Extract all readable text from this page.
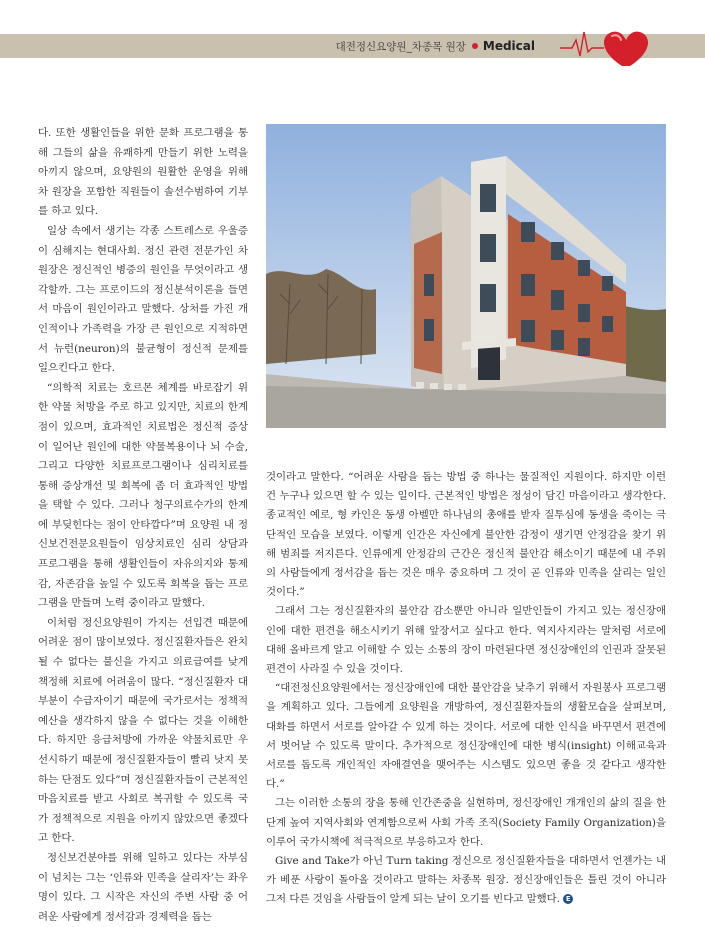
대전정신요양원_차종목 원장 Medical

다. 또한 생활인들을 위한 문화 프로그램을 통해 그들의 삶을 유쾌하게 만들기 위한 노력을 아끼지 않으며, 요양원의 원활한 운영을 위해 차 원장을 포함한 직원들이 솔선수범하여 기부를 하고 있다.

일상 속에서 생기는 각종 스트레스로 우울증이 심해지는 현대사회. 정신 관련 전문가인 차 원장은 정신적인 병증의 원인을 무엇이라고 생각할까. 그는 프로이드의 정신분석이론을 들면서 마음이 원인이라고 말했다. 상처를 가진 개인적이나 가족력을 가장 큰 원인으로 지적하면서 뉴런(neuron)의 불균형이 정신적 문제를 일으킨다고 한다.

“의학적 치료는 호르몬 체계를 바로잡기 위한 약물 처방을 주로 하고 있지만, 치료의 한계점이 있으며, 효과적인 치료법은 정신적 증상이 일어난 원인에 대한 약물복용이나 뇌 수술, 그리고 다양한 치료프로그램이나 심리치료를 통해 증상개선 및 회복에 좀 더 효과적인 방법을 택할 수 있다. 그러나 청구의료수가의 한계에 부딪힌다는 점이 안타깝다”며 요양원 내 정신보건전문요원들이 임상치료인 심리 상담과 프로그램을 통해 생활인들이 자유의지와 통제감, 자존감을 높일 수 있도록 회복을 돕는 프로그램을 만들며 노력 중이라고 말했다.

이처럼 정신요양원이 가지는 선입견 때문에 어려운 점이 많이보였다. 정신질환자들은 완치될 수 없다는 불신을 가지고 의료급여를 낮게 책정해 치료에 어려움이 많다. “정신질환자 대부분이 수급자이기 때문에 국가로서는 정책적 예산을 생각하지 않을 수 없다는 것을 이해한다. 하지만 응급처방에 가까운 약물치료만 우선시하기 때문에 정신질환자들이 빨리 낫지 못하는 단점도 있다”며 정신질환자들이 근본적인 마음치료를 받고 사회로 복귀할 수 있도록 국가 정책적으로 지원을 아끼지 않았으면 좋겠다고 한다.

정신보건분야를 위해 일하고 있다는 자부심이 넘치는 그는 ‘인류와 민족을 살리자’는 좌우명이 있다. 그 시작은 자신의 주변 사람 중 어려운 사람에게 정서감과 경제력을 돕는

것이라고 말한다. “어려운 사람을 돕는 방법 중 하나는 물질적인 지원이다. 하지만 이런 건 누구나 있으면 할 수 있는 일이다. 근본적인 방법은 정성이 담긴 마음이라고 생각한다. 종교적인 예로, 형 카인은 동생 아벨만 하나님의 총애를 받자 질투심에 동생을 죽이는 극단적인 모습을 보였다. 이렇게 인간은 자신에게 불안한 감정이 생기면 안정감을 찾기 위해 범죄를 저지른다. 인류에게 안정감의 근간은 정신적 불안감 해소이기 때문에 내 주위의 사람들에게 정서감을 돕는 것은 매우 중요하며 그 것이 곧 인류와 민족을 살리는 일인 것이다.”

그래서 그는 정신질환자의 불안감 감소뿐만 아니라 일반인들이 가지고 있는 정신장애인에 대한 편견을 해소시키기 위해 앞장서고 싶다고 한다. 역지사지라는 말처럼 서로에 대해 올바르게 알고 이해할 수 있는 소통의 장이 마련된다면 정신장애인의 인권과 잘못된 편견이 사라질 수 있을 것이다.

“대전정신요양원에서는 정신장애인에 대한 불안감을 낮추기 위해서 자원봉사 프로그램을 계획하고 있다. 그들에게 요양원을 개방하여, 정신질환자들의 생활모습을 살펴보며, 대화를 하면서 서로를 알아갈 수 있게 하는 것이다. 서로에 대한 인식을 바꾸면서 편견에서 벗어날 수 있도록 말이다. 추가적으로 정신장애인에 대한 병식(insight) 이해교육과 서로를 돕도록 개인적인 자애결연을 맺어주는 시스템도 있으면 좋을 것 같다고 생각한다.”

그는 이러한 소통의 장을 통해 인간존중을 실현하며, 정신장애인 개개인의 삶의 질을 한 단계 높여 지역사회와 연계함으로써 사회 가족 조직(Society Family Organization)을 이루어 국가시책에 적극적으로 부응하고자 한다.

Give and Take가 아닌 Turn taking 정신으로 정신질환자들을 대하면서 언젠가는 내가 베푼 사랑이 돌아올 것이라고 말하는 차종목 원장. 정신장애인들은 틀린 것이 아니라 그저 다른 것임을 사람들이 알게 되는 날이 오기를 빈다고 말했다. E
